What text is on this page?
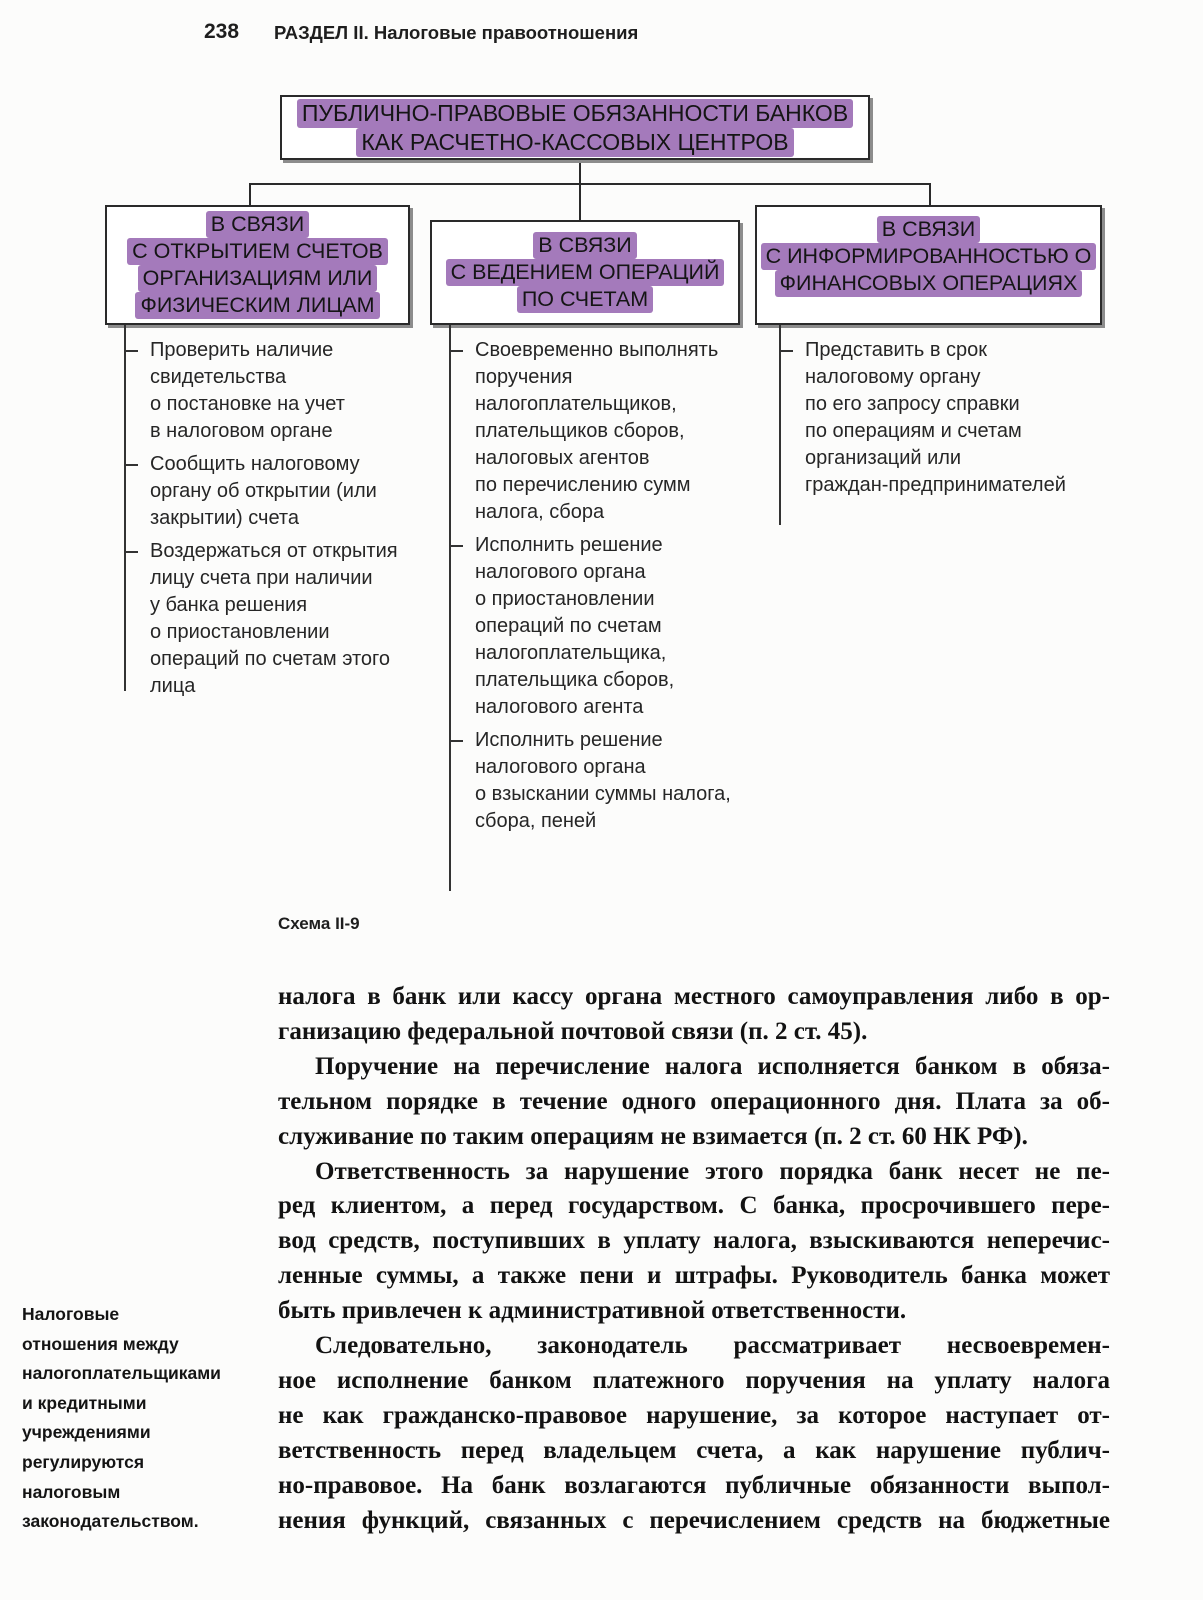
238 РАЗДЕЛ II. Налоговые правоотношения
ПУБЛИЧНО-ПРАВОВЫЕ ОБЯЗАННОСТИ БАНКОВ
КАК РАСЧЕТНО-КАССОВЫХ ЦЕНТРОВ
В СВЯЗИ
С ОТКРЫТИЕМ СЧЕТОВ
ОРГАНИЗАЦИЯМ ИЛИ
ФИЗИЧЕСКИМ ЛИЦАМ
В СВЯЗИ
С ВЕДЕНИЕМ ОПЕРАЦИЙ
ПО СЧЕТАМ
В СВЯЗИ
С ИНФОРМИРОВАННОСТЬЮ О
ФИНАНСОВЫХ ОПЕРАЦИЯХ
Проверить наличие
свидетельства
о постановке на учет
в налоговом органе
Сообщить налоговому
органу об открытии (или
закрытии) счета
Воздержаться от открытия
лицу счета при наличии
у банка решения
о приостановлении
операций по счетам этого
лица
Своевременно выполнять
поручения
налогоплательщиков,
плательщиков сборов,
налоговых агентов
по перечислению сумм
налога, сбора
Исполнить решение
налогового органа
о приостановлении
операций по счетам
налогоплательщика,
плательщика сборов,
налогового агента
Исполнить решение
налогового органа
о взыскании суммы налога,
сбора, пеней
Представить в срок
налоговому органу
по его запросу справки
по операциям и счетам
организаций или
граждан-предпринимателей
Схема II-9
налога в банк или кассу органа местного самоуправления либо в ор-
ганизацию федеральной почтовой связи (п. 2 ст. 45).
Поручение на перечисление налога исполняется банком в обяза-
тельном порядке в течение одного операционного дня. Плата за об-
служивание по таким операциям не взимается (п. 2 ст. 60 НК РФ).
Ответственность за нарушение этого порядка банк несет не пе-
ред клиентом, а перед государством. С банка, просрочившего пере-
вод средств, поступивших в уплату налога, взыскиваются неперечис-
ленные суммы, а также пени и штрафы. Руководитель банка может
быть привлечен к административной ответственности.
Следовательно, законодатель рассматривает несвоевремен-
ное исполнение банком платежного поручения на уплату налога
не как гражданско-правовое нарушение, за которое наступает от-
ветственность перед владельцем счета, а как нарушение публич-
но-правовое. На банк возлагаются публичные обязанности выпол-
нения функций, связанных с перечислением средств на бюджетные
Налоговые
отношения между
налогоплательщиками
и кредитными
учреждениями
регулируются
налоговым
законодательством.
